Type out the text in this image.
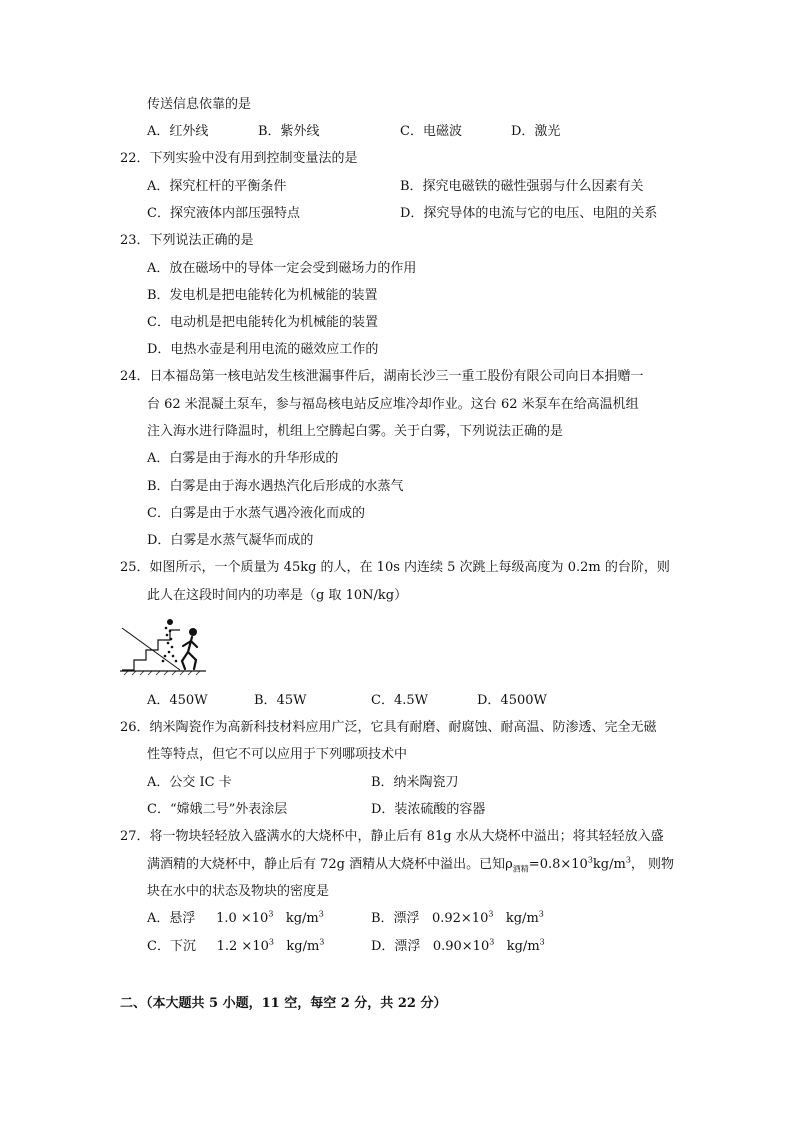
传送信息依靠的是
A．红外线	B．紫外线	C．电磁波	D．激光
22．下列实验中没有用到控制变量法的是
A．探究杠杆的平衡条件	B．探究电磁铁的磁性强弱与什么因素有关
C．探究液体内部压强特点	D．探究导体的电流与它的电压、电阻的关系
23．下列说法正确的是
A．放在磁场中的导体一定会受到磁场力的作用
B．发电机是把电能转化为机械能的装置
C．电动机是把电能转化为机械能的装置
D．电热水壶是利用电流的磁效应工作的
24．日本福岛第一核电站发生核泄漏事件后，湖南长沙三一重工股份有限公司向日本捐赠一
台 62 米混凝土泵车，参与福岛核电站反应堆冷却作业。这台 62 米泵车在给高温机组
注入海水进行降温时，机组上空腾起白雾。关于白雾，下列说法正确的是
A．白雾是由于海水的升华形成的
B．白雾是由于海水遇热汽化后形成的水蒸气
C．白雾是由于水蒸气遇冷液化而成的
D．白雾是水蒸气凝华而成的
25．如图所示，一个质量为 45kg 的人，在 10s 内连续 5 次跳上每级高度为 0.2m 的台阶，则
此人在这段时间内的功率是（g 取 10N/kg）
A．450W	B．45W	C．4.5W	D．4500W
26．纳米陶瓷作为高新科技材料应用广泛，它具有耐磨、耐腐蚀、耐高温、防渗透、完全无磁
性等特点，但它不可以应用于下列哪项技术中
A．公交 IC 卡	B．纳米陶瓷刀
C．“嫦娥二号”外表涂层	D．装浓硫酸的容器
27．将一物块轻轻放入盛满水的大烧杯中，静止后有 81g 水从大烧杯中溢出；将其轻轻放入盛
满酒精的大烧杯中，静止后有 72g 酒精从大烧杯中溢出。已知$\rho_{酒精}=0.8\times 10^3kg/m^3$， 则物
块在水中的状态及物块的密度是
A．悬浮 $1.0 \times 10^3$ $kg/m^3$	B．漂浮 $0.92\times 10^3$ $kg/m^3$
C．下沉 $1.2 \times 10^3$ $kg/m^3$	D．漂浮 $0.90\times 10^3$ $kg/m^3$
二、（本大题共 5 小题，11 空，每空 2 分，共 22 分）
